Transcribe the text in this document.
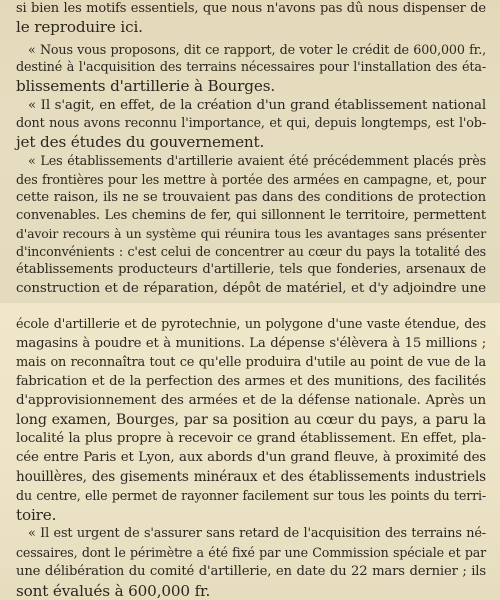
si bien les motifs essentiels, que nous n'avons pas dû nous dispenser de
le reproduire ici.
« Nous vous proposons, dit ce rapport, de voter le crédit de 600,000 fr.,
destiné à l'acquisition des terrains nécessaires pour l'installation des éta-
blissements d'artillerie à Bourges.
« Il s'agit, en effet, de la création d'un grand établissement national
dont nous avons reconnu l'importance, et qui, depuis longtemps, est l'ob-
jet des études du gouvernement.
« Les établissements d'artillerie avaient été précédemment placés près
des frontières pour les mettre à portée des armées en campagne, et, pour
cette raison, ils ne se trouvaient pas dans des conditions de protection
convenables. Les chemins de fer, qui sillonnent le territoire, permettent
d'avoir recours à un système qui réunira tous les avantages sans présenter
d'inconvénients : c'est celui de concentrer au cœur du pays la totalité des
établissements producteurs d'artillerie, tels que fonderies, arsenaux de
construction et de réparation, dépôt de matériel, et d'y adjoindre une
école d'artillerie et de pyrotechnie, un polygone d'une vaste étendue, des
magasins à poudre et à munitions. La dépense s'élèvera à 15 millions ;
mais on reconnaîtra tout ce qu'elle produira d'utile au point de vue de la
fabrication et de la perfection des armes et des munitions, des facilités
d'approvisionnement des armées et de la défense nationale. Après un
long examen, Bourges, par sa position au cœur du pays, a paru la
localité la plus propre à recevoir ce grand établissement. En effet, pla-
cée entre Paris et Lyon, aux abords d'un grand fleuve, à proximité des
houillères, des gisements minéraux et des établissements industriels
du centre, elle permet de rayonner facilement sur tous les points du terri-
toire.
« Il est urgent de s'assurer sans retard de l'acquisition des terrains né-
cessaires, dont le périmètre a été fixé par une Commission spéciale et par
une délibération du comité d'artillerie, en date du 22 mars dernier ; ils
sont évalués à 600,000 fr.
